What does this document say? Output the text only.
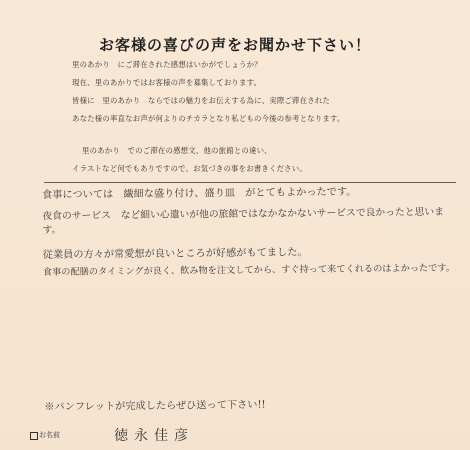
お客様の喜びの声をお聞かせ下さい！
里のあかり　にご滞在された感想はいかがでしょうか？
現在、里のあかりではお客様の声を募集しております。
皆様に　里のあかり　ならではの魅力をお伝えする為に、実際ご滞在された
あなた様の率直なお声が何よりのチカラとなり私どもの今後の参考となります。
里のあかり　でのご滞在の感想文、他の旅館との違い、
イラストなど何でもありですので、お気づきの事をお書きください。
食事については　繊細な盛り付け、盛り皿　がとてもよかったです。
夜食のサービス　など細い心遣いが他の旅館ではなかなかないサービスで良かったと思います。
従業員の方々が常愛想が良いところが好感がもてました。
食事の配膳のタイミングが良く、飲み物を注文してから、すぐ持って来てくれるのはよかったです。
※パンフレットが完成したらぜひ送って下さい!!
お名前	徳永佳彦
